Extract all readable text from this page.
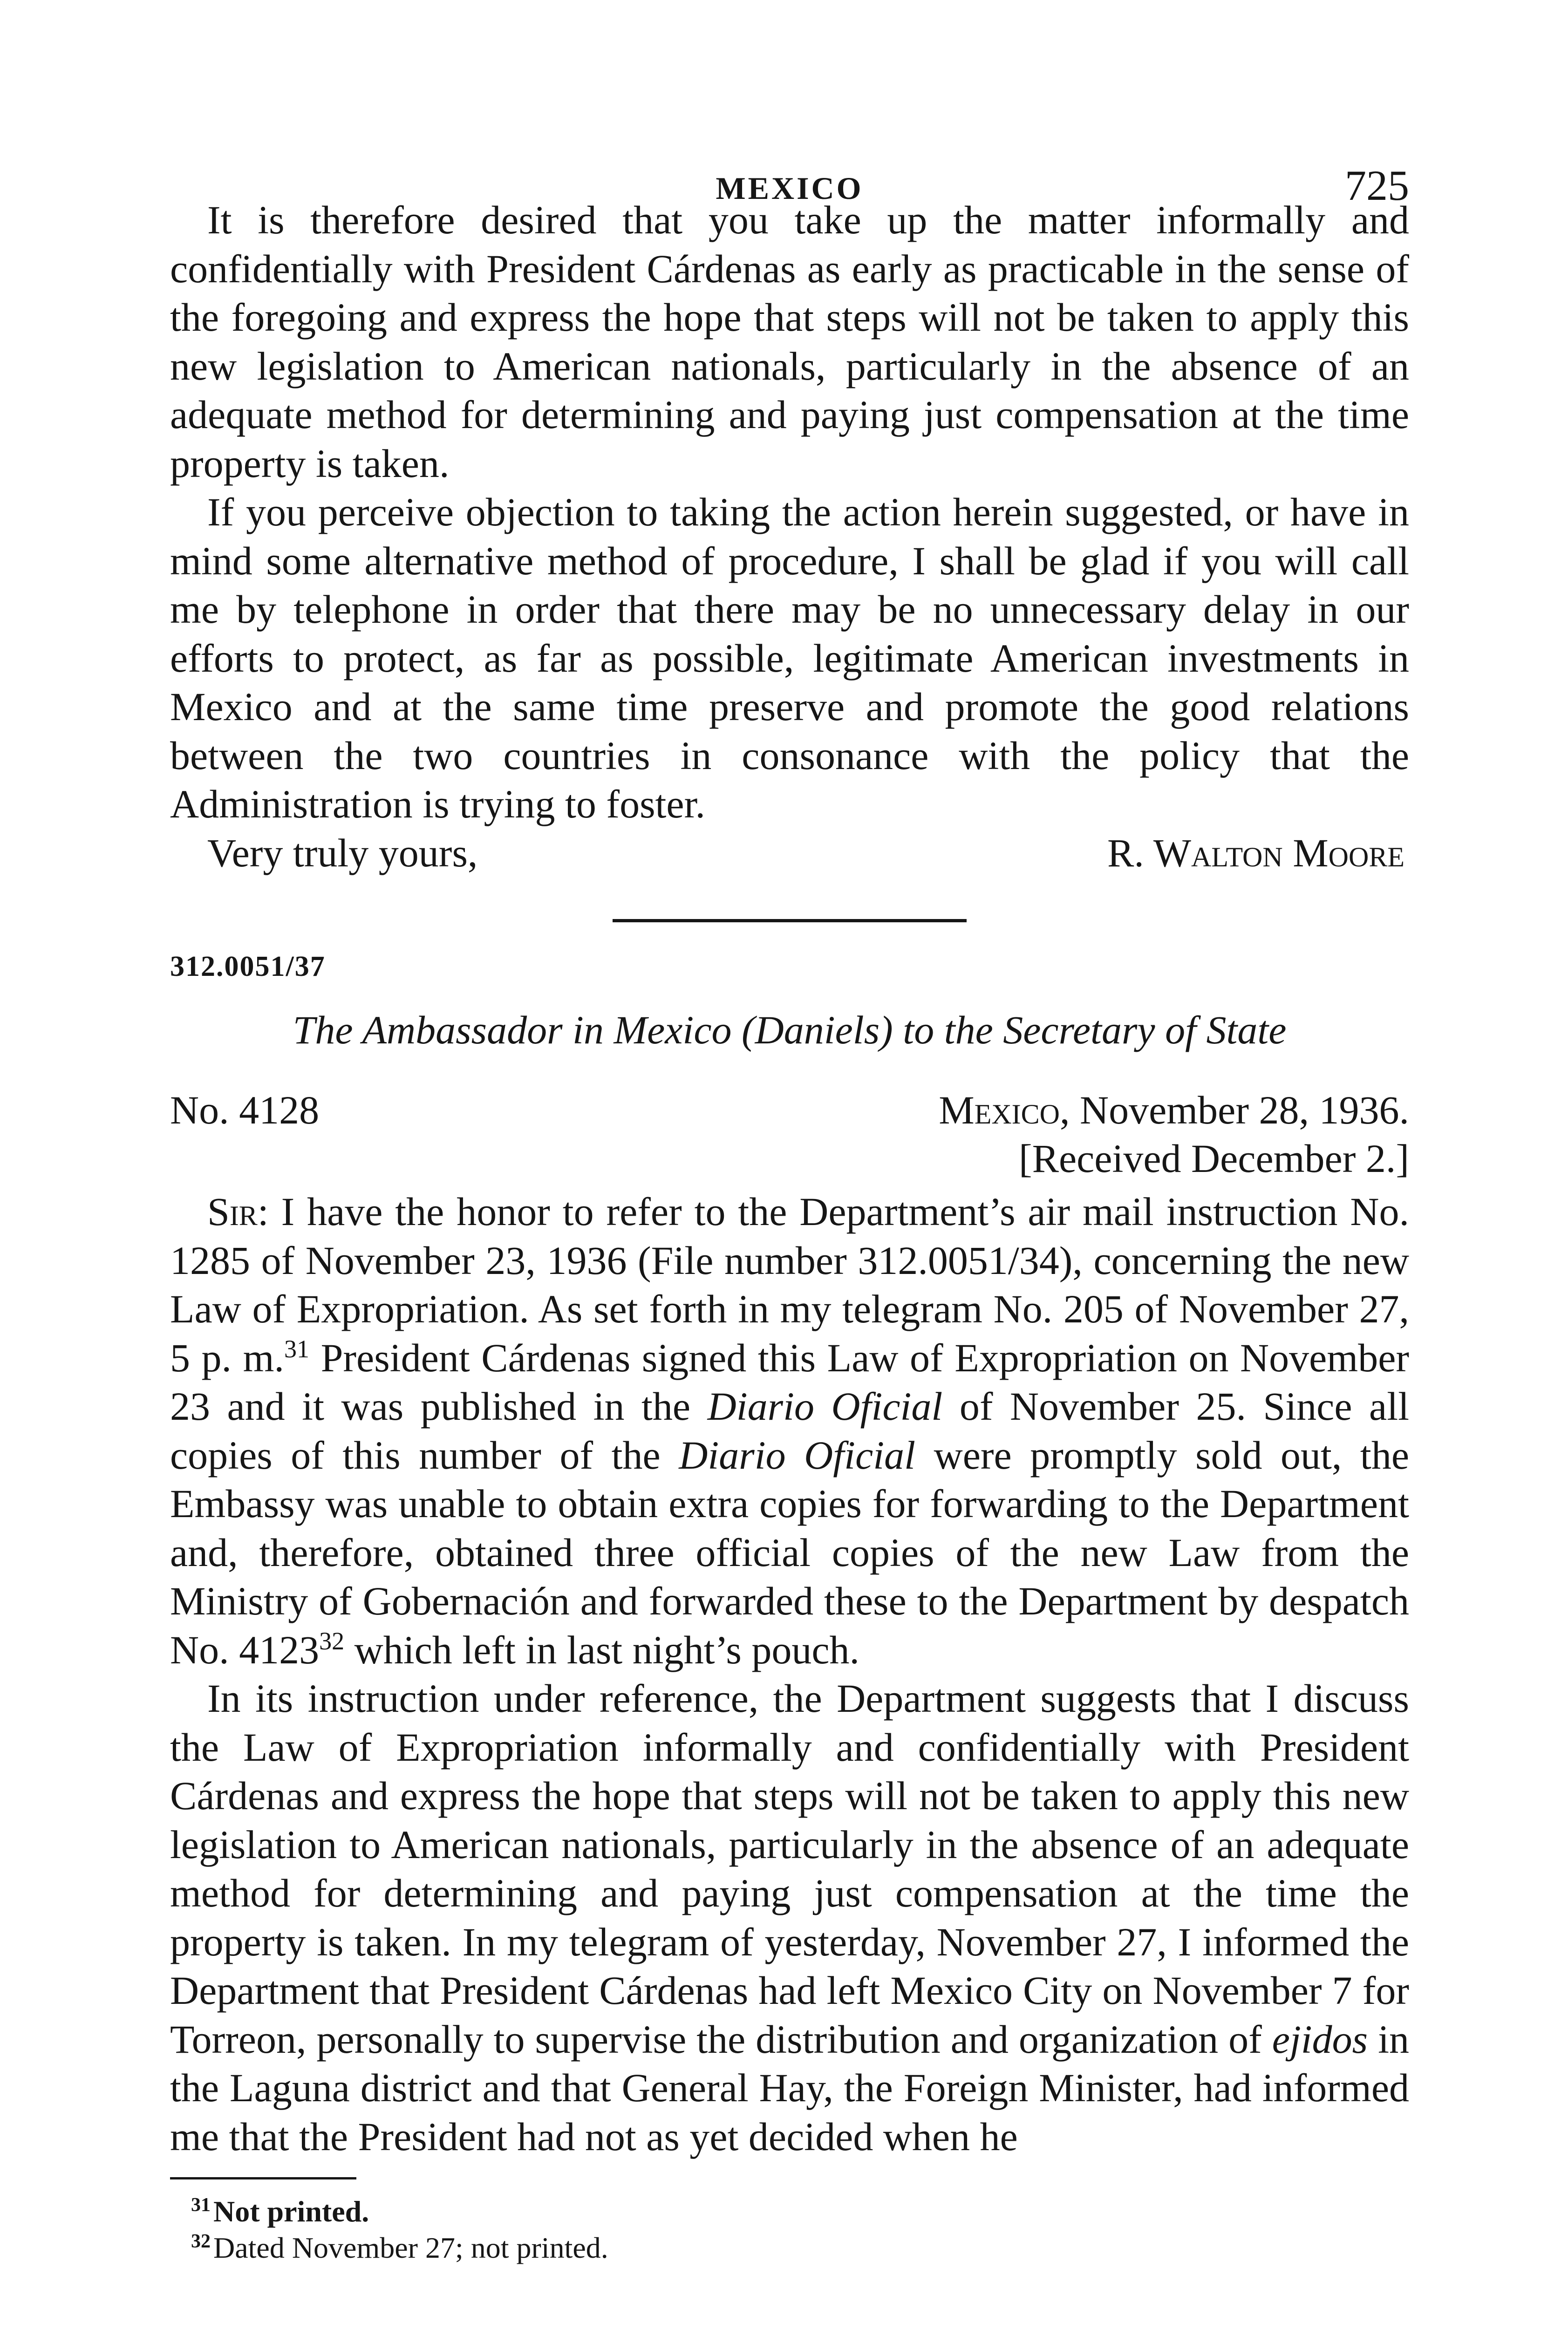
MEXICO	725

It is therefore desired that you take up the matter informally and confidentially with President Cárdenas as early as practicable in the sense of the foregoing and express the hope that steps will not be taken to apply this new legislation to American nationals, particularly in the absence of an adequate method for determining and paying just compensation at the time property is taken.

If you perceive objection to taking the action herein suggested, or have in mind some alternative method of procedure, I shall be glad if you will call me by telephone in order that there may be no unnecessary delay in our efforts to protect, as far as possible, legitimate American investments in Mexico and at the same time preserve and promote the good relations between the two countries in consonance with the policy that the Administration is trying to foster.

Very truly yours,	R. Walton Moore
312.0051/37
The Ambassador in Mexico (Daniels) to the Secretary of State
No. 4128	Mexico, November 28, 1936.
[Received December 2.]

Sir: I have the honor to refer to the Department’s air mail instruction No. 1285 of November 23, 1936 (File number 312.0051/34), concerning the new Law of Expropriation. As set forth in my telegram No. 205 of November 27, 5 p. m.$^{31}$ President Cárdenas signed this Law of Expropriation on November 23 and it was published in the Diario Oficial of November 25. Since all copies of this number of the Diario Oficial were promptly sold out, the Embassy was unable to obtain extra copies for forwarding to the Department and, therefore, obtained three official copies of the new Law from the Ministry of Gobernación and forwarded these to the Department by despatch No. 4123$^{32}$ which left in last night’s pouch.

In its instruction under reference, the Department suggests that I discuss the Law of Expropriation informally and confidentially with President Cárdenas and express the hope that steps will not be taken to apply this new legislation to American nationals, particularly in the absence of an adequate method for determining and paying just compensation at the time the property is taken. In my telegram of yesterday, November 27, I informed the Department that President Cárdenas had left Mexico City on November 7 for Torreon, personally to supervise the distribution and organization of ejidos in the Laguna district and that General Hay, the Foreign Minister, had informed me that the President had not as yet decided when he

$^{31}$Not printed.
$^{32}$Dated November 27; not printed.
